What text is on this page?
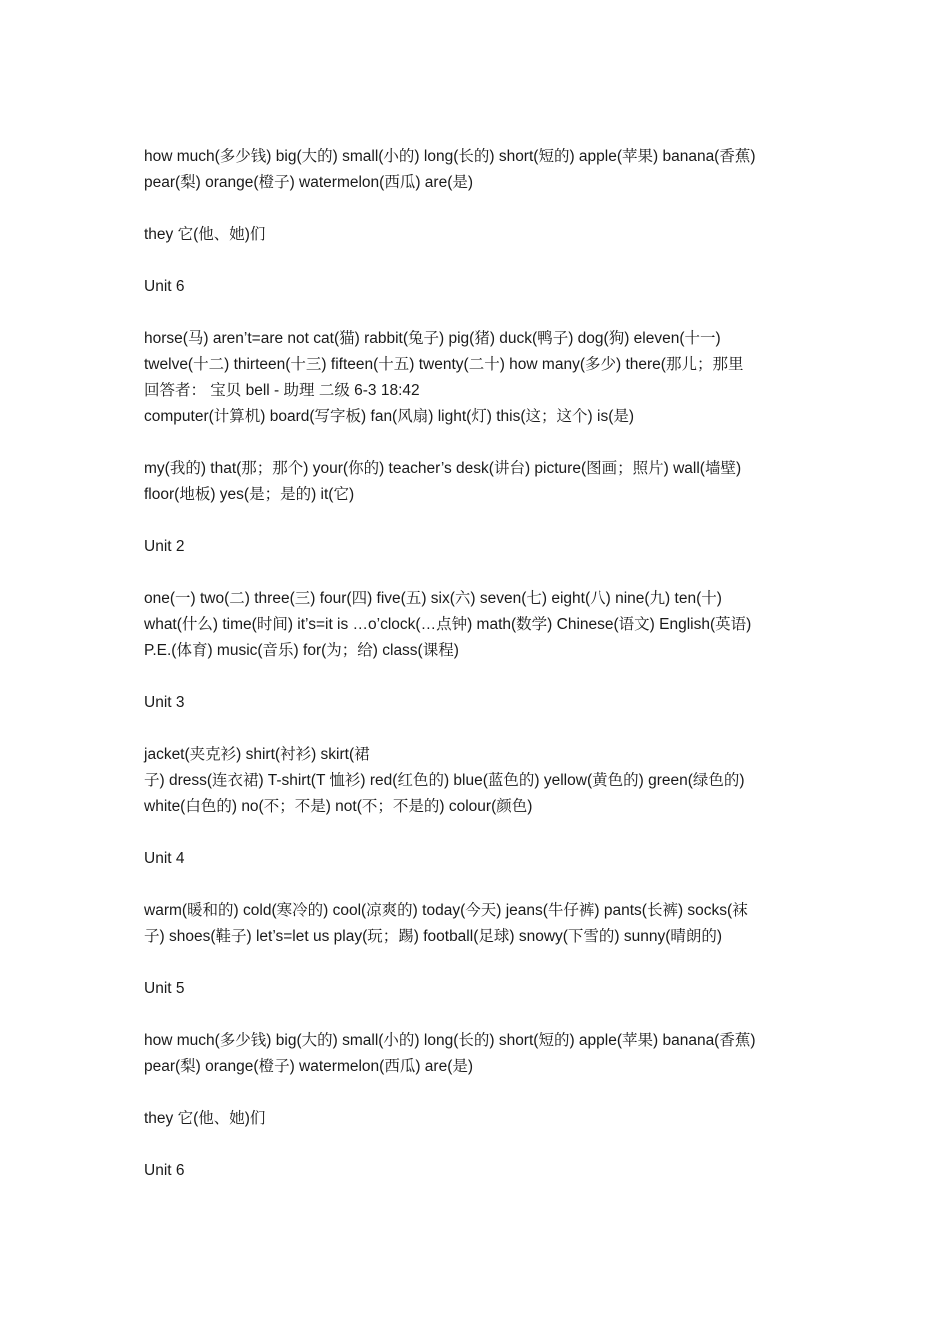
how much(多少钱) big(大的) small(小的) long(长的) short(短的) apple(苹果) banana(香蕉)
pear(梨) orange(橙子) watermelon(西瓜) are(是)
they 它(他、她)们
Unit 6
horse(马) aren’t=are not cat(猫) rabbit(兔子) pig(猪) duck(鸭子) dog(狗) eleven(十一)
twelve(十二) thirteen(十三) fifteen(十五) twenty(二十) how many(多少) there(那儿；那里
回答者： 宝贝 bell - 助理 二级 6-3 18:42
computer(计算机) board(写字板) fan(风扇) light(灯) this(这；这个) is(是)
my(我的) that(那；那个) your(你的) teacher’s desk(讲台) picture(图画；照片) wall(墙壁)
floor(地板) yes(是；是的) it(它)
Unit 2
one(一) two(二) three(三) four(四) five(五) six(六) seven(七) eight(八) nine(九) ten(十)
what(什么) time(时间) it’s=it is …o’clock(…点钟) math(数学) Chinese(语文) English(英语)
P.E.(体育) music(音乐) for(为；给) class(课程)
Unit 3
jacket(夹克衫) shirt(衬衫) skirt(裙
子) dress(连衣裙) T-shirt(T 恤衫) red(红色的) blue(蓝色的) yellow(黄色的) green(绿色的)
white(白色的) no(不；不是) not(不；不是的) colour(颜色)
Unit 4
warm(暖和的) cold(寒冷的) cool(凉爽的) today(今天) jeans(牛仔裤) pants(长裤) socks(袜
子) shoes(鞋子) let’s=let us play(玩；踢) football(足球) snowy(下雪的) sunny(晴朗的)
Unit 5
how much(多少钱) big(大的) small(小的) long(长的) short(短的) apple(苹果) banana(香蕉)
pear(梨) orange(橙子) watermelon(西瓜) are(是)
they 它(他、她)们
Unit 6
